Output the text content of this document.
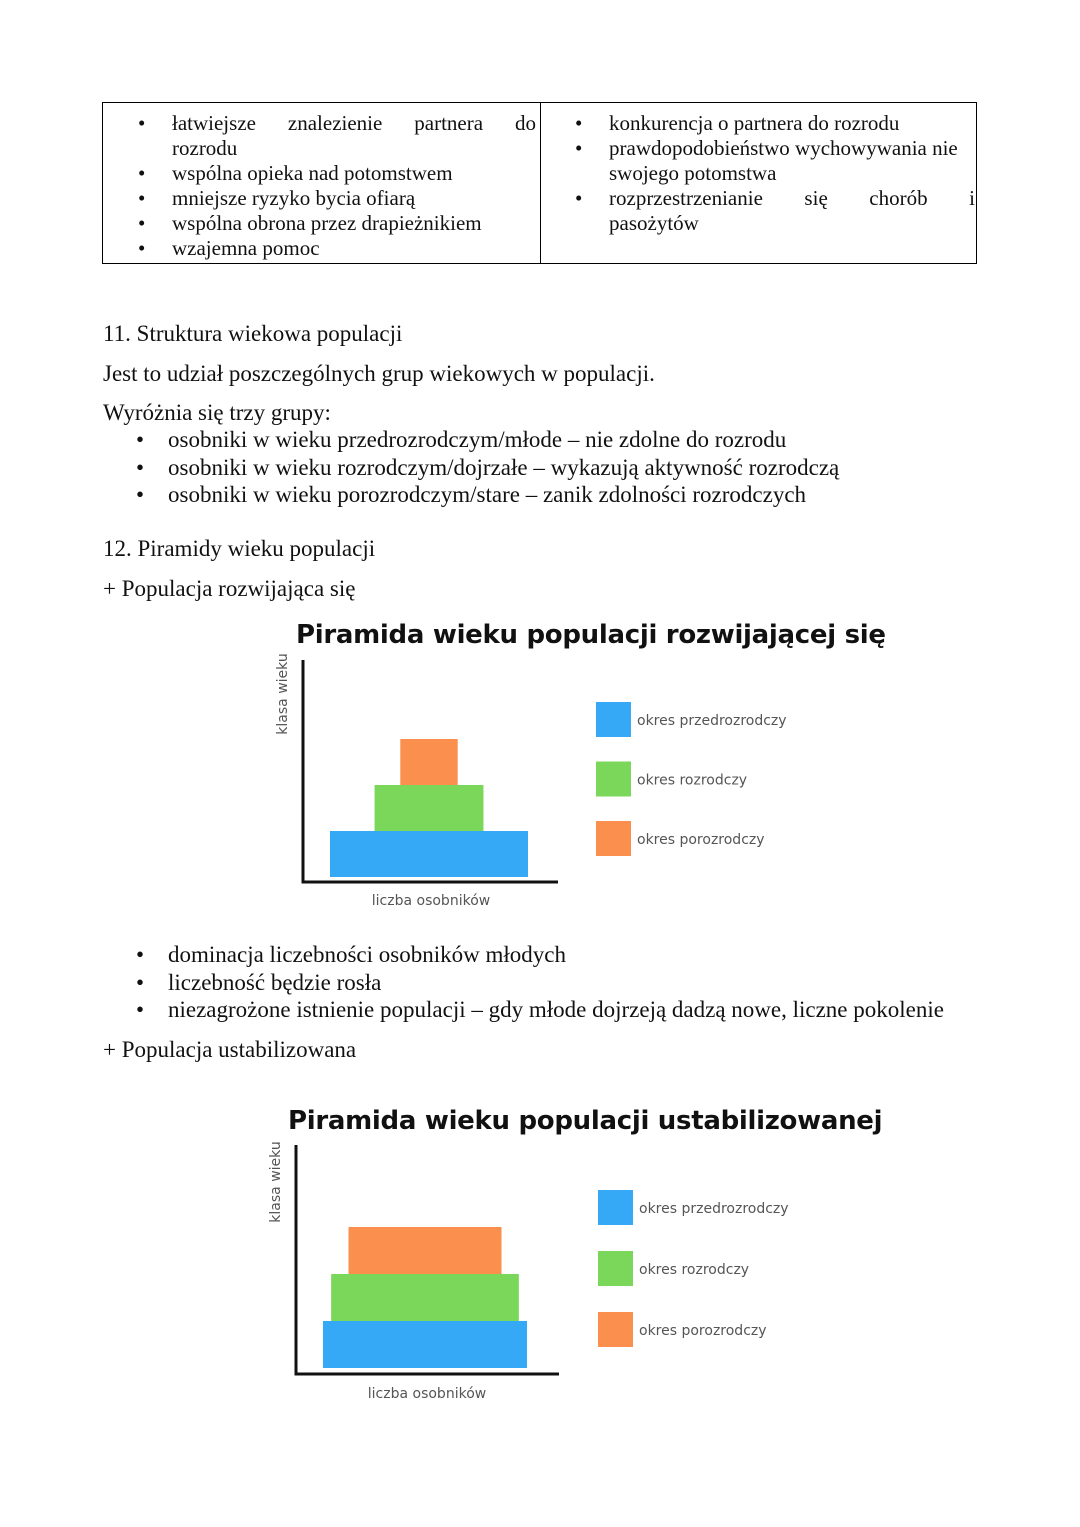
• łatwiejsze znalezienie partnera do
rozrodu
• wspólna opieka nad potomstwem
• mniejsze ryzyko bycia ofiarą
• wspólna obrona przez drapieżnikiem
• wzajemna pomoc
• konkurencja o partnera do rozrodu
• prawdopodobieństwo wychowywania nie
swojego potomstwa
• rozprzestrzenianie się chorób i
pasożytów
11. Struktura wiekowa populacji
Jest to udział poszczególnych grup wiekowych w populacji.
Wyróżnia się trzy grupy:
• osobniki w wieku przedrozrodczym/młode – nie zdolne do rozrodu
• osobniki w wieku rozrodczym/dojrzałe – wykazują aktywność rozrodczą
• osobniki w wieku porozrodczym/stare – zanik zdolności rozrodczych
12. Piramidy wieku populacji
+ Populacja rozwijająca się
Piramida wieku populacji rozwijającej się
liczba osobników
klasa wieku	okres przedrozrodczy
okres rozrodczy
okres porozrodczy
• dominacja liczebności osobników młodych
• liczebność będzie rosła
• niezagrożone istnienie populacji – gdy młode dojrzeją dadzą nowe, liczne pokolenie
+ Populacja ustabilizowana
Piramida wieku populacji ustabilizowanej
liczba osobników
klasa wieku	okres przedrozrodczy
okres rozrodczy
okres porozrodczy
